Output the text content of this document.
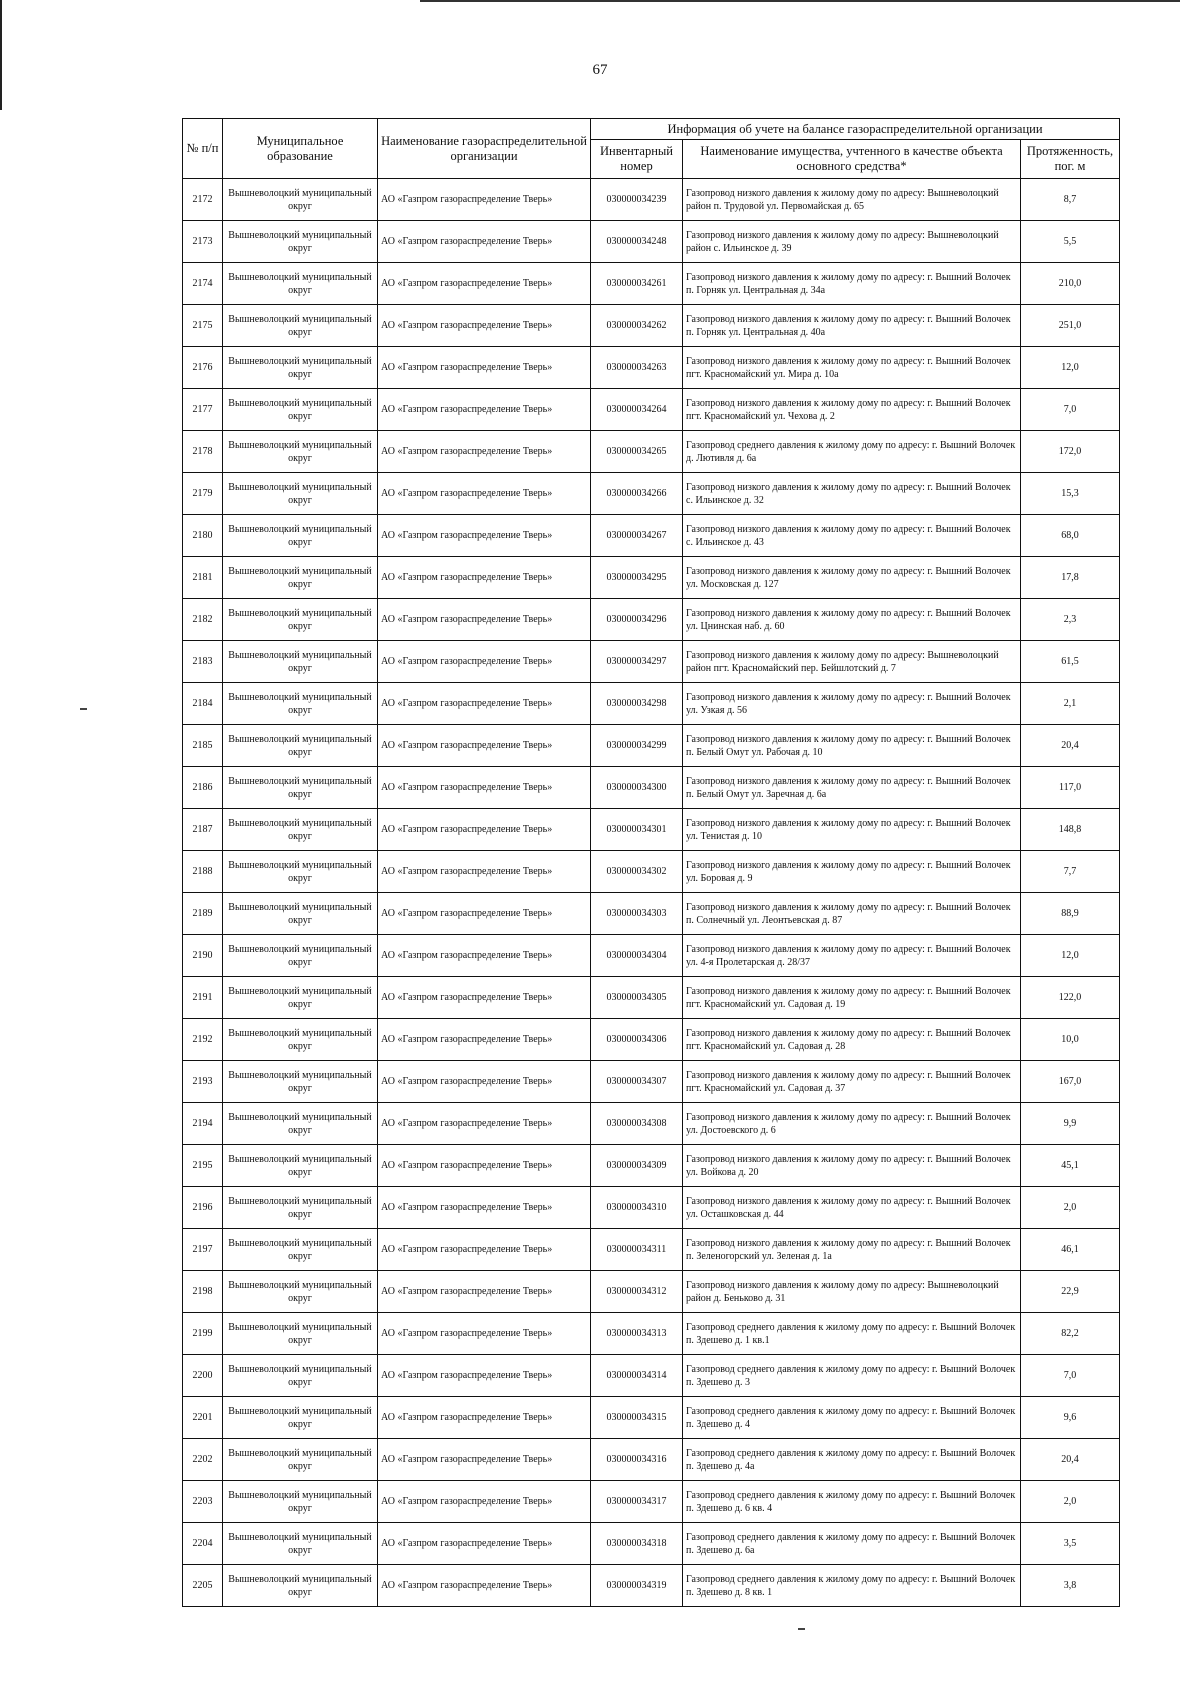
67
№ п/п	Муниципальное образование	Наименование газораспределительной организации	Информация об учете на балансе газораспределительной организации		
			Инвентарный номер	Наименование имущества, учтенного в качестве объекта основного средства*	Протяженность, пог. м
2172	Вышневолоцкий муниципальный округ	АО «Газпром газораспределение Тверь»	030000034239	Газопровод низкого давления к жилому дому по адресу: Вышневолоцкий район п. Трудовой ул. Первомайская д. 65	8,7
2173	Вышневолоцкий муниципальный округ	АО «Газпром газораспределение Тверь»	030000034248	Газопровод низкого давления к жилому дому по адресу: Вышневолоцкий район с. Ильинское д. 39	5,5
2174	Вышневолоцкий муниципальный округ	АО «Газпром газораспределение Тверь»	030000034261	Газопровод низкого давления к жилому дому по адресу: г. Вышний Волочек п. Горняк ул. Центральная д. 34а	210,0
2175	Вышневолоцкий муниципальный округ	АО «Газпром газораспределение Тверь»	030000034262	Газопровод низкого давления к жилому дому по адресу: г. Вышний Волочек п. Горняк ул. Центральная д. 40а	251,0
2176	Вышневолоцкий муниципальный округ	АО «Газпром газораспределение Тверь»	030000034263	Газопровод низкого давления к жилому дому по адресу: г. Вышний Волочек пгт. Красномайский ул. Мира д. 10а	12,0
2177	Вышневолоцкий муниципальный округ	АО «Газпром газораспределение Тверь»	030000034264	Газопровод низкого давления к жилому дому по адресу: г. Вышний Волочек пгт. Красномайский ул. Чехова д. 2	7,0
2178	Вышневолоцкий муниципальный округ	АО «Газпром газораспределение Тверь»	030000034265	Газопровод среднего давления к жилому дому по адресу: г. Вышний Волочек д. Лютивля д. 6а	172,0
2179	Вышневолоцкий муниципальный округ	АО «Газпром газораспределение Тверь»	030000034266	Газопровод низкого давления к жилому дому по адресу: г. Вышний Волочек с. Ильинское д. 32	15,3
2180	Вышневолоцкий муниципальный округ	АО «Газпром газораспределение Тверь»	030000034267	Газопровод низкого давления к жилому дому по адресу: г. Вышний Волочек с. Ильинское д. 43	68,0
2181	Вышневолоцкий муниципальный округ	АО «Газпром газораспределение Тверь»	030000034295	Газопровод низкого давления к жилому дому по адресу: г. Вышний Волочек ул. Московская д. 127	17,8
2182	Вышневолоцкий муниципальный округ	АО «Газпром газораспределение Тверь»	030000034296	Газопровод низкого давления к жилому дому по адресу: г. Вышний Волочек ул. Цнинская наб. д. 60	2,3
2183	Вышневолоцкий муниципальный округ	АО «Газпром газораспределение Тверь»	030000034297	Газопровод низкого давления к жилому дому по адресу: Вышневолоцкий район пгт. Красномайский пер. Бейшлотский д. 7	61,5
2184	Вышневолоцкий муниципальный округ	АО «Газпром газораспределение Тверь»	030000034298	Газопровод низкого давления к жилому дому по адресу: г. Вышний Волочек ул. Узкая д. 56	2,1
2185	Вышневолоцкий муниципальный округ	АО «Газпром газораспределение Тверь»	030000034299	Газопровод низкого давления к жилому дому по адресу: г. Вышний Волочек п. Белый Омут ул. Рабочая д. 10	20,4
2186	Вышневолоцкий муниципальный округ	АО «Газпром газораспределение Тверь»	030000034300	Газопровод низкого давления к жилому дому по адресу: г. Вышний Волочек п. Белый Омут ул. Заречная д. 6а	117,0
2187	Вышневолоцкий муниципальный округ	АО «Газпром газораспределение Тверь»	030000034301	Газопровод низкого давления к жилому дому по адресу: г. Вышний Волочек ул. Тенистая д. 10	148,8
2188	Вышневолоцкий муниципальный округ	АО «Газпром газораспределение Тверь»	030000034302	Газопровод низкого давления к жилому дому по адресу: г. Вышний Волочек ул. Боровая д. 9	7,7
2189	Вышневолоцкий муниципальный округ	АО «Газпром газораспределение Тверь»	030000034303	Газопровод низкого давления к жилому дому по адресу: г. Вышний Волочек п. Солнечный ул. Леонтьевская д. 87	88,9
2190	Вышневолоцкий муниципальный округ	АО «Газпром газораспределение Тверь»	030000034304	Газопровод низкого давления к жилому дому по адресу: г. Вышний Волочек ул. 4-я Пролетарская д. 28/37	12,0
2191	Вышневолоцкий муниципальный округ	АО «Газпром газораспределение Тверь»	030000034305	Газопровод низкого давления к жилому дому по адресу: г. Вышний Волочек пгт. Красномайский ул. Садовая д. 19	122,0
2192	Вышневолоцкий муниципальный округ	АО «Газпром газораспределение Тверь»	030000034306	Газопровод низкого давления к жилому дому по адресу: г. Вышний Волочек пгт. Красномайский ул. Садовая д. 28	10,0
2193	Вышневолоцкий муниципальный округ	АО «Газпром газораспределение Тверь»	030000034307	Газопровод низкого давления к жилому дому по адресу: г. Вышний Волочек пгт. Красномайский ул. Садовая д. 37	167,0
2194	Вышневолоцкий муниципальный округ	АО «Газпром газораспределение Тверь»	030000034308	Газопровод низкого давления к жилому дому по адресу: г. Вышний Волочек ул. Достоевского д. 6	9,9
2195	Вышневолоцкий муниципальный округ	АО «Газпром газораспределение Тверь»	030000034309	Газопровод низкого давления к жилому дому по адресу: г. Вышний Волочек ул. Войкова д. 20	45,1
2196	Вышневолоцкий муниципальный округ	АО «Газпром газораспределение Тверь»	030000034310	Газопровод низкого давления к жилому дому по адресу: г. Вышний Волочек ул. Осташковская д. 44	2,0
2197	Вышневолоцкий муниципальный округ	АО «Газпром газораспределение Тверь»	030000034311	Газопровод низкого давления к жилому дому по адресу: г. Вышний Волочек п. Зеленогорский ул. Зеленая д. 1а	46,1
2198	Вышневолоцкий муниципальный округ	АО «Газпром газораспределение Тверь»	030000034312	Газопровод низкого давления к жилому дому по адресу: Вышневолоцкий район д. Беньково д. 31	22,9
2199	Вышневолоцкий муниципальный округ	АО «Газпром газораспределение Тверь»	030000034313	Газопровод среднего давления к жилому дому по адресу: г. Вышний Волочек п. Здешево д. 1 кв.1	82,2
2200	Вышневолоцкий муниципальный округ	АО «Газпром газораспределение Тверь»	030000034314	Газопровод среднего давления к жилому дому по адресу: г. Вышний Волочек п. Здешево д. 3	7,0
2201	Вышневолоцкий муниципальный округ	АО «Газпром газораспределение Тверь»	030000034315	Газопровод среднего давления к жилому дому по адресу: г. Вышний Волочек п. Здешево д. 4	9,6
2202	Вышневолоцкий муниципальный округ	АО «Газпром газораспределение Тверь»	030000034316	Газопровод среднего давления к жилому дому по адресу: г. Вышний Волочек п. Здешево д. 4а	20,4
2203	Вышневолоцкий муниципальный округ	АО «Газпром газораспределение Тверь»	030000034317	Газопровод среднего давления к жилому дому по адресу: г. Вышний Волочек п. Здешево д. 6 кв. 4	2,0
2204	Вышневолоцкий муниципальный округ	АО «Газпром газораспределение Тверь»	030000034318	Газопровод среднего давления к жилому дому по адресу: г. Вышний Волочек п. Здешево д. 6а	3,5
2205	Вышневолоцкий муниципальный округ	АО «Газпром газораспределение Тверь»	030000034319	Газопровод среднего давления к жилому дому по адресу: г. Вышний Волочек п. Здешево д. 8 кв. 1	3,8
